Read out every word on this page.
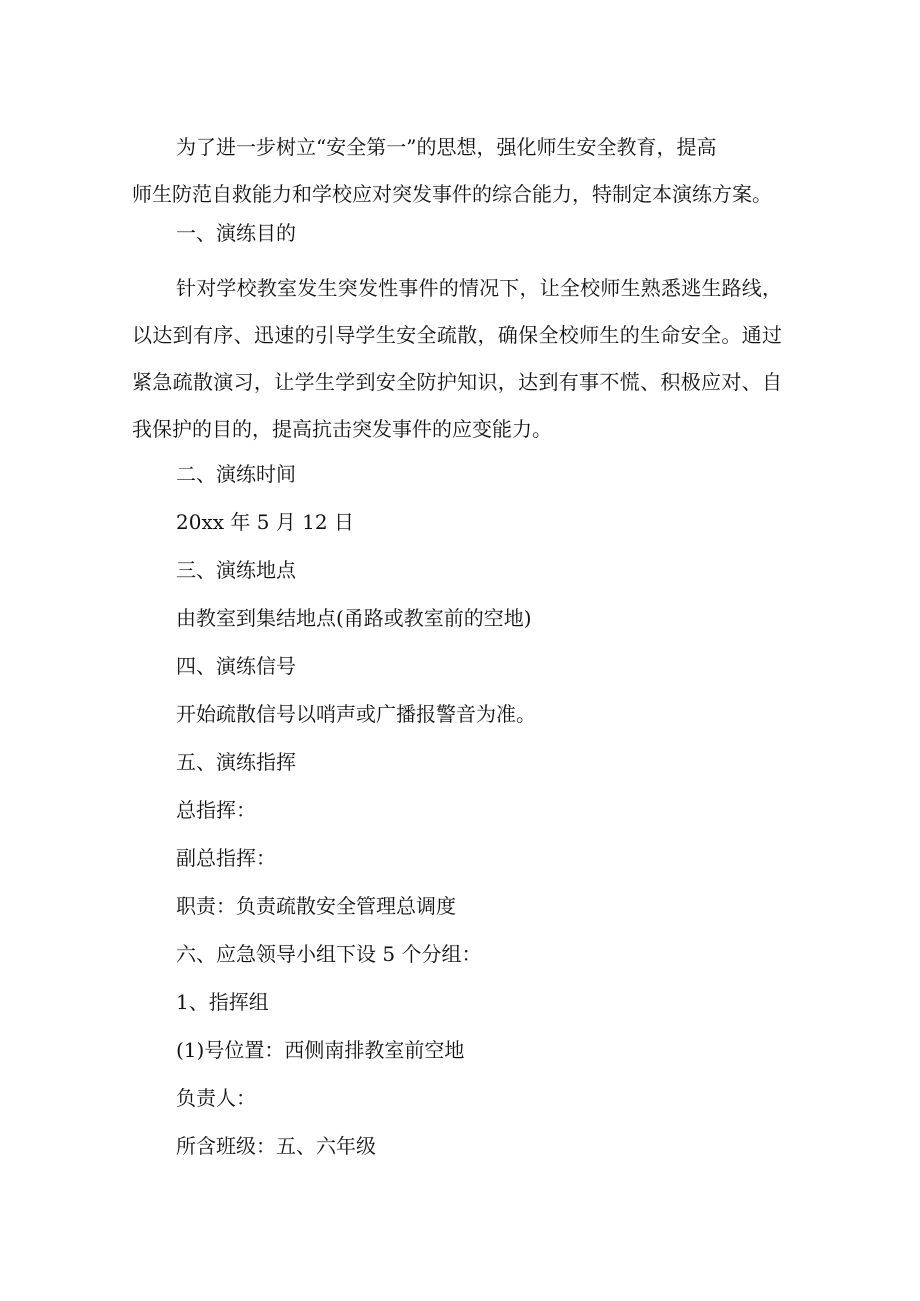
为了进一步树立“安全第一”的思想，强化师生安全教育，提高
师生防范自救能力和学校应对突发事件的综合能力，特制定本演练方案。

一、演练目的

针对学校教室发生突发性事件的情况下，让全校师生熟悉逃生路线，以达到有序、迅速的引导学生安全疏散，确保全校师生的生命安全。通过紧急疏散演习，让学生学到安全防护知识，达到有事不慌、积极应对、自我保护的目的，提高抗击突发事件的应变能力。

二、演练时间

20xx 年 5 月 12 日

三、演练地点

由教室到集结地点(甬路或教室前的空地)

四、演练信号

开始疏散信号以哨声或广播报警音为准。

五、演练指挥

总指挥：

副总指挥：

职责：负责疏散安全管理总调度

六、应急领导小组下设 5 个分组：

1、指挥组

(1)号位置：西侧南排教室前空地

负责人：

所含班级：五、六年级
